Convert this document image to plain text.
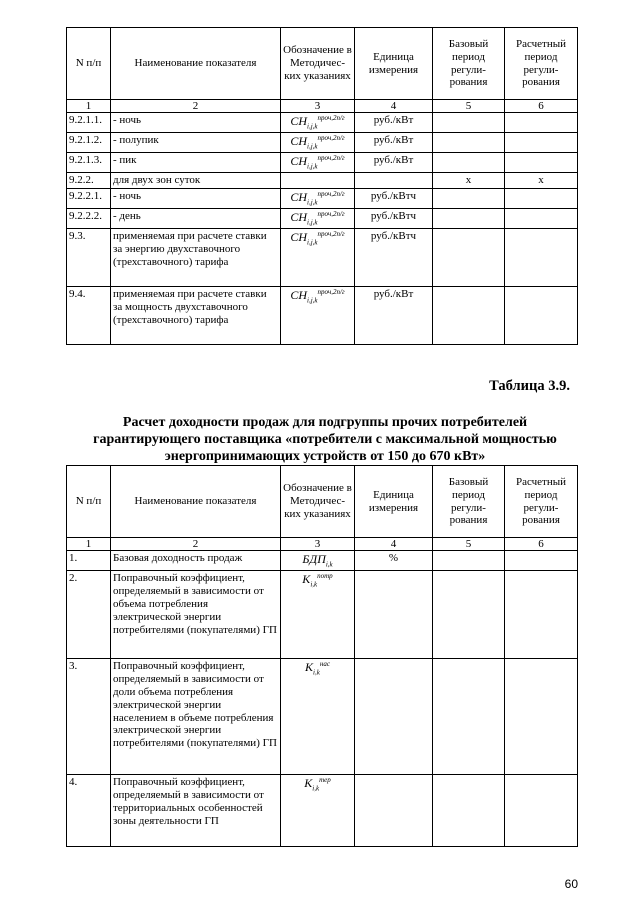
N п/п	Наименование показателя	Обозначение в Методичес-ких указаниях	Единица измерения	Базовый период регули-рования	Расчетный период регули-рования
1	2	3	4	5	6
9.2.1.1.	- ночь	$СН_{i,j,k}^{проч,2п/г}$	руб./кВт		
9.2.1.2.	- полупик	$СН_{i,j,k}^{проч,2п/г}$	руб./кВт		
9.2.1.3.	- пик	$СН_{i,j,k}^{проч,2п/г}$	руб./кВт		
9.2.2.	для двух зон суток			х	х
9.2.2.1.	- ночь	$СН_{i,j,k}^{проч,2п/г}$	руб./кВтч		
9.2.2.2.	- день	$СН_{i,j,k}^{проч,2п/г}$	руб./кВтч		
9.3.	применяемая при расчете ставки за энергию двухставочного (трехставочного) тарифа	$СН_{i,j,k}^{проч,2п/г}$	руб./кВтч		
9.4.	применяемая при расчете ставки за мощность двухставочного (трехставочного) тарифа	$СН_{i,j,k}^{проч,2п/г}$	руб./кВт		
Таблица 3.9.
Расчет доходности продаж для подгруппы прочих потребителей гарантирующего поставщика «потребители с максимальной мощностью энергопринимающих устройств от 150 до 670 кВт»
N п/п	Наименование показателя	Обозначение в Методичес-ких указаниях	Единица измерения	Базовый период регули-рования	Расчетный период регули-рования
1	2	3	4	5	6
1.	Базовая доходность продаж	$БДП_{i,k}$	%		
2.	Поправочный коэффициент, определяемый в зависимости от объема потребления электрической энергии потребителями (покупателями) ГП	$K_{i,k}^{потр}$			
3.	Поправочный коэффициент, определяемый в зависимости от доли объема потребления электрической энергии населением в объеме потребления электрической энергии потребителями (покупателями) ГП	$K_{i,k}^{нас}$			
4.	Поправочный коэффициент, определяемый в зависимости от территориальных особенностей зоны деятельности ГП	$K_{i,k}^{тер}$			
60
